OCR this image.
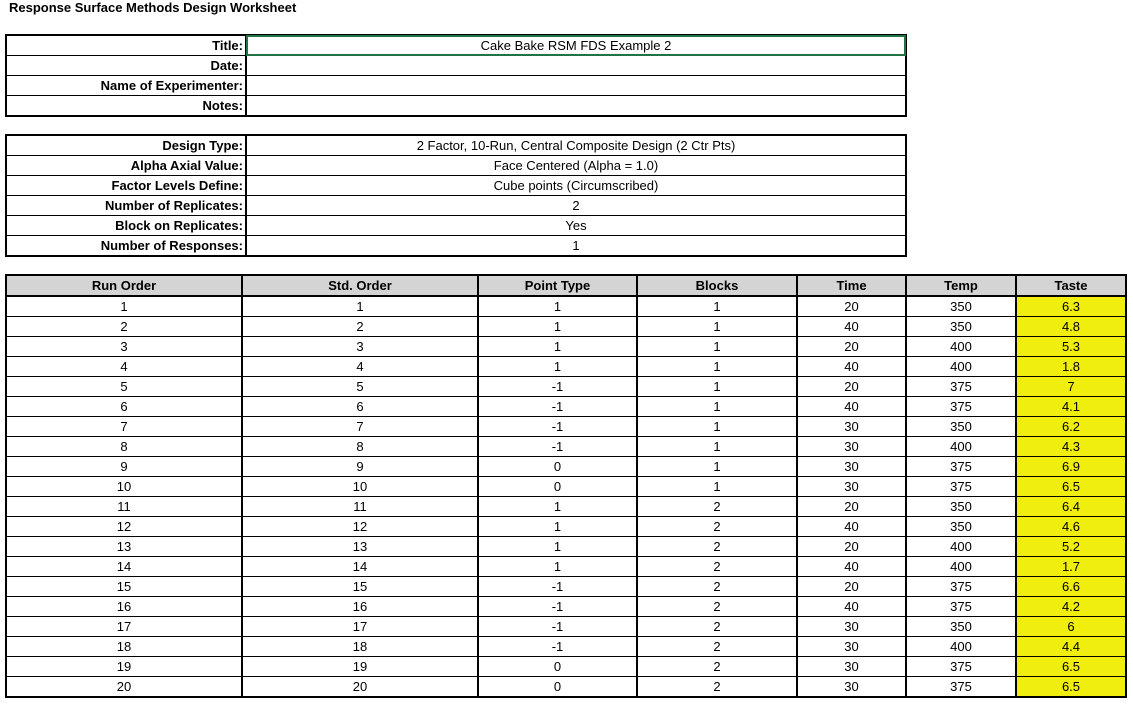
Response Surface Methods Design Worksheet
Title:	Cake Bake RSM FDS Example 2
Date:	
Name of Experimenter:	
Notes:	
Design Type:	2 Factor, 10-Run, Central Composite Design (2 Ctr Pts)
Alpha Axial Value:	Face Centered (Alpha = 1.0)
Factor Levels Define:	Cube points (Circumscribed)
Number of Replicates:	2
Block on Replicates:	Yes
Number of Responses:	1
Run Order	Std. Order	Point Type	Blocks	Time	Temp	Taste
1	1	1	1	20	350	6.3
2	2	1	1	40	350	4.8
3	3	1	1	20	400	5.3
4	4	1	1	40	400	1.8
5	5	-1	1	20	375	7
6	6	-1	1	40	375	4.1
7	7	-1	1	30	350	6.2
8	8	-1	1	30	400	4.3
9	9	0	1	30	375	6.9
10	10	0	1	30	375	6.5
11	11	1	2	20	350	6.4
12	12	1	2	40	350	4.6
13	13	1	2	20	400	5.2
14	14	1	2	40	400	1.7
15	15	-1	2	20	375	6.6
16	16	-1	2	40	375	4.2
17	17	-1	2	30	350	6
18	18	-1	2	30	400	4.4
19	19	0	2	30	375	6.5
20	20	0	2	30	375	6.5
